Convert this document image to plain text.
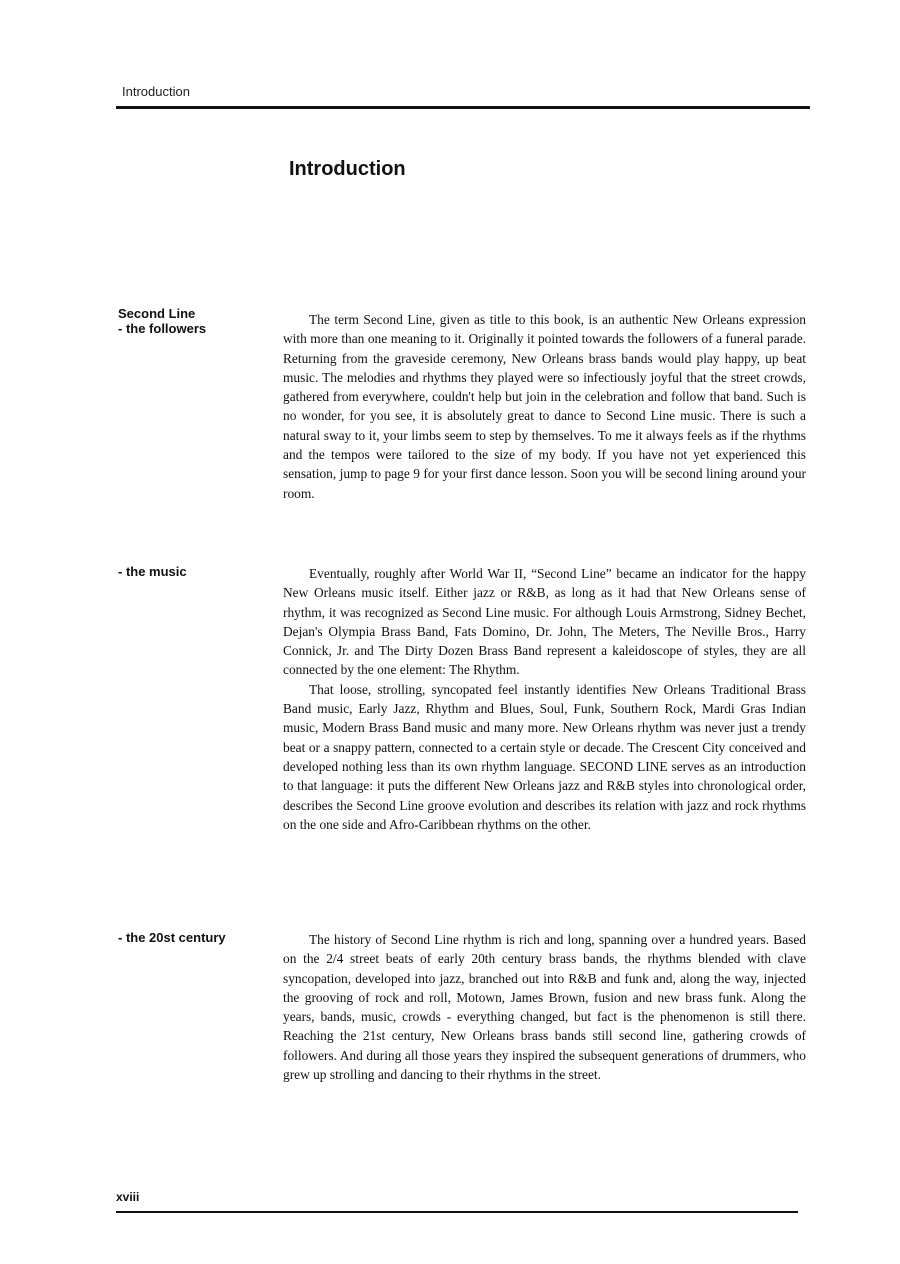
Introduction
Introduction
Second Line
- the followers

The term Second Line, given as title to this book, is an authentic New Orleans expression with more than one meaning to it. Originally it pointed towards the followers of a funeral parade. Returning from the graveside ceremony, New Orleans brass bands would play happy, up beat music. The melodies and rhythms they played were so infectiously joyful that the street crowds, gathered from everywhere, couldn't help but join in the celebration and follow that band. Such is no wonder, for you see, it is absolutely great to dance to Second Line music. There is such a natural sway to it, your limbs seem to step by themselves. To me it always feels as if the rhythms and the tempos were tailored to the size of my body. If you have not yet experienced this sensation, jump to page 9 for your first dance lesson. Soon you will be second lining around your room.

- the music	Eventually, roughly after World War II, “Second Line” became an indicator for the happy New Orleans music itself. Either jazz or R&B, as long as it had that New Orleans sense of rhythm, it was recognized as Second Line music. For although Louis Armstrong, Sidney Bechet, Dejan's Olympia Brass Band, Fats Domino, Dr. John, The Meters, The Neville Bros., Harry Connick, Jr. and The Dirty Dozen Brass Band represent a kaleidoscope of styles, they are all connected by the one element: The Rhythm.

That loose, strolling, syncopated feel instantly identifies New Orleans Traditional Brass Band music, Early Jazz, Rhythm and Blues, Soul, Funk, Southern Rock, Mardi Gras Indian music, Modern Brass Band music and many more. New Orleans rhythm was never just a trendy beat or a snappy pattern, connected to a certain style or decade. The Crescent City conceived and developed nothing less than its own rhythm language. SECOND LINE serves as an introduction to that language: it puts the different New Orleans jazz and R&B styles into chronological order, describes the Second Line groove evolution and describes its relation with jazz and rock rhythms on the one side and Afro-Caribbean rhythms on the other.

- the 20st century	The history of Second Line rhythm is rich and long, spanning over a hundred years. Based on the 2/4 street beats of early 20th century brass bands, the rhythms blended with clave syncopation, developed into jazz, branched out into R&B and funk and, along the way, injected the grooving of rock and roll, Motown, James Brown, fusion and new brass funk. Along the years, bands, music, crowds - everything changed, but fact is the phenomenon is still there. Reaching the 21st century, New Orleans brass bands still second line, gathering crowds of followers. And during all those years they inspired the subsequent generations of drummers, who grew up strolling and dancing to their rhythms in the street.

xviii
